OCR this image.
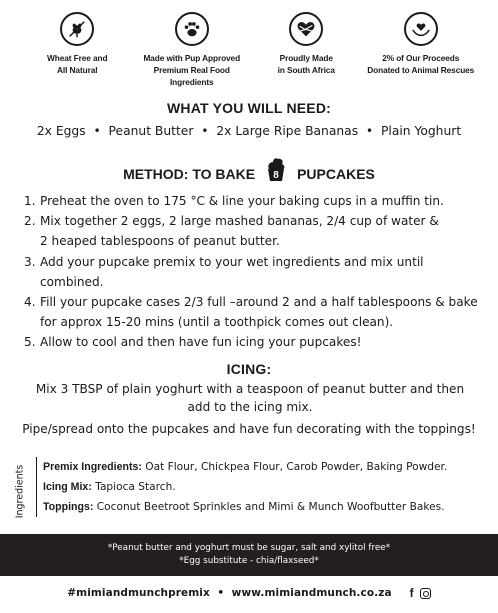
Wheat Free and
All Natural
Made with Pup Approved
Premium Real Food Ingredients
Proudly Made
in South Africa
2% of Our Proceeds
Donated to Animal Rescues
WHAT YOU WILL NEED:
2x Eggs  •  Peanut Butter  •  2x Large Ripe Bananas  •  Plain Yoghurt
METHOD: TO BAKE 8 PUPCAKES
1. Preheat the oven to 175 °C & line your baking cups in a muffin tin.
2. Mix together 2 eggs, 2 large mashed bananas, 2/4 cup of water &
2 heaped tablespoons of peanut butter.
3. Add your pupcake premix to your wet ingredients and mix until combined.
4. Fill your pupcake cases 2/3 full –around 2 and a half tablespoons & bake
for approx 15-20 mins (until a toothpick comes out clean).
5. Allow to cool and then have fun icing your pupcakes!
ICING:
Mix 3 TBSP of plain yoghurt with a teaspoon of peanut butter and then
add to the icing mix.
Pipe/spread onto the pupcakes and have fun decorating with the toppings!
Ingredients Premix Ingredients: Oat Flour, Chickpea Flour, Carob Powder, Baking Powder.
Icing Mix: Tapioca Starch.
Toppings: Coconut Beetroot Sprinkles and Mimi & Munch Woofbutter Bakes.
*Peanut butter and yoghurt must be sugar, salt and xylitol free*
*Egg substitute - chia/flaxseed*
#mimiandmunchpremix  •  www.mimiandmunch.co.za f
